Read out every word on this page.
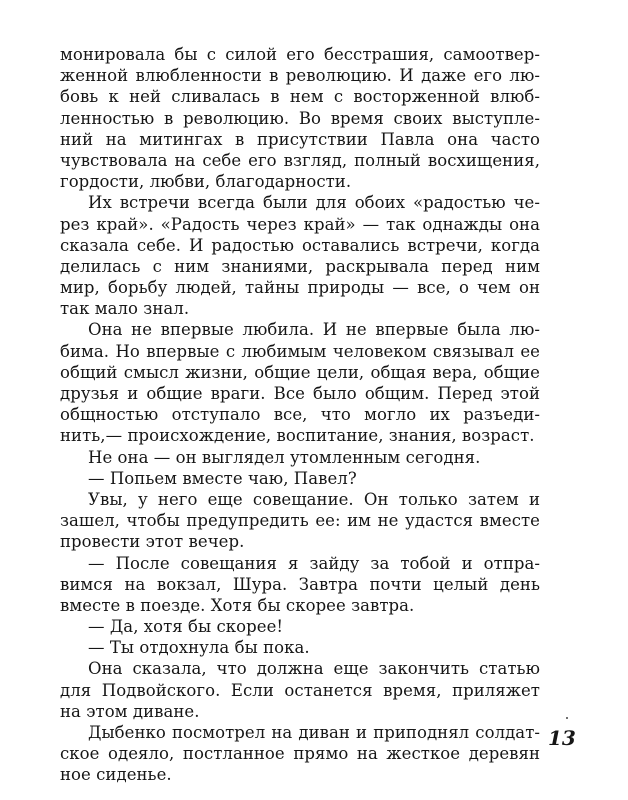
монировала бы с силой его бесстрашия, самоотвер-
женной влюбленности в революцию. И даже его лю-
бовь к ней сливалась в нем с восторженной влюб-
ленностью в революцию. Во время своих выступле-
ний на митингах в присутствии Павла она часто
чувствовала на себе его взгляд, полный восхищения,
гордости, любви, благодарности.
Их встречи всегда были для обоих «радостью че-
рез край». «Радость через край» — так однажды она
сказала себе. И радостью оставались встречи, когда
делилась с ним знаниями, раскрывала перед ним
мир, борьбу людей, тайны природы — все, о чем он
так мало знал.
Она не впервые любила. И не впервые была лю-
бима. Но впервые с любимым человеком связывал ее
общий смысл жизни, общие цели, общая вера, общие
друзья и общие враги. Все было общим. Перед этой
общностью отступало все, что могло их разъеди-
нить,— происхождение, воспитание, знания, возраст.
Не она — он выглядел утомленным сегодня.
— Попьем вместе чаю, Павел?
Увы, у него еще совещание. Он только затем и
зашел, чтобы предупредить ее: им не удастся вместе
провести этот вечер.
— После совещания я зайду за тобой и отпра-
вимся на вокзал, Шура. Завтра почти целый день
вместе в поезде. Хотя бы скорее завтра.
— Да, хотя бы скорее!
— Ты отдохнула бы пока.
Она сказала, что должна еще закончить статью
для Подвойского. Если останется время, приляжет
на этом диване.
Дыбенко посмотрел на диван и приподнял солдат-
ское одеяло, постланное прямо на жесткое деревян
ное сиденье.
13
